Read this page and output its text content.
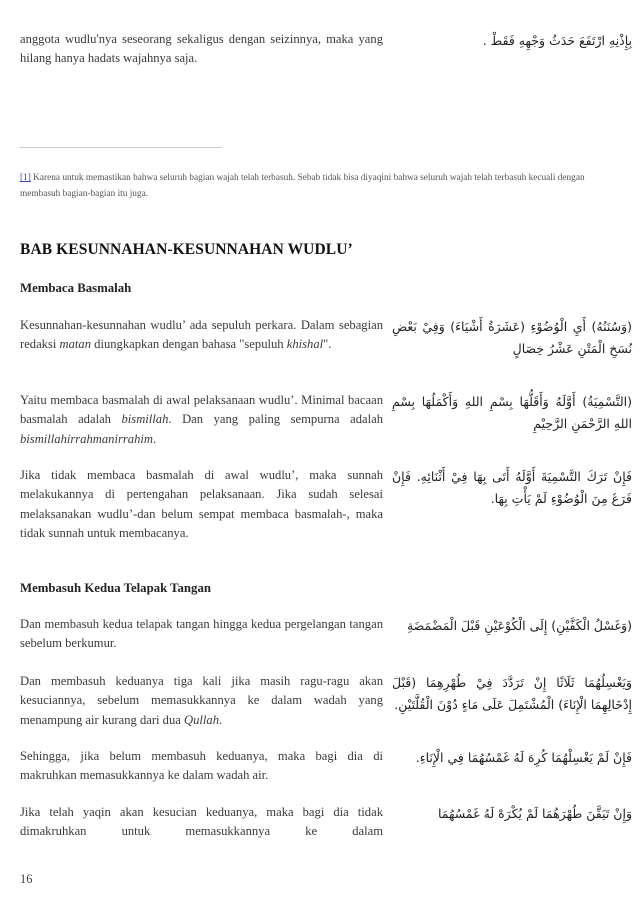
anggota wudlu'nya seseorang sekaligus dengan seizinnya, maka yang hilang hanya hadats wajahnya saja.
بِإِذْنِهِ ارْتَفَعَ حَدَثُ وَجْهِهِ فَقَطْ .
[1] Karena untuk memastikan bahwa seluruh bagian wajah telah terbasuh. Sebab tidak bisa diyaqini bahwa seluruh wajah telah terbasuh kecuali dengan membasuh bagian-bagian itu juga.
BAB KESUNNAHAN-KESUNNAHAN WUDLU’
Membaca Basmalah
Kesunnahan-kesunnahan wudlu’ ada sepuluh perkara. Dalam sebagian redaksi matan diungkapkan dengan bahasa "sepuluh khishal".
(وَسُنَنُهُ) أَيِ الْوُضُوْءِ (عَشَرَةُ أَشْيَاءَ) وَفِيْ بَعْضِ نُسَخِ الْمَتْنِ عَشْرُ خِصَالٍ
Yaitu membaca basmalah di awal pelaksanaan wudlu’. Minimal bacaan basmalah adalah bismillah. Dan yang paling sempurna adalah bismillahirrahmanirrahim.
(التَّسْمِيَةُ) أَوَّلَهُ وَأَقَلُّهَا بِسْمِ اللهِ وَأَكْمَلُهَا بِسْمِ اللهِ الرَّحْمَنِ الرَّحِيْمِ
Jika tidak membaca basmalah di awal wudlu’, maka sunnah melakukannya di pertengahan pelaksanaan. Jika sudah selesai melaksanakan wudlu’-dan belum sempat membaca basmalah-, maka tidak sunnah untuk membacanya.
فَإِنْ تَرَكَ التَّسْمِيَةَ أَوَّلَهُ أَتَى بِهَا فِيْ أَثْنَائِهِ. فَإِنْ فَرَغَ مِنَ الْوُضُوْءِ لَمْ يَأْتِ بِهَا.
Membasuh Kedua Telapak Tangan
Dan membasuh kedua telapak tangan hingga kedua pergelangan tangan sebelum berkumur.
(وَغَسْلُ الْكَفَّيْنِ) إِلَى الْكُوْعَيْنِ قَبْلَ الْمَضْمَضَةِ
Dan membasuh keduanya tiga kali jika masih ragu-ragu akan kesuciannya, sebelum memasukkannya ke dalam wadah yang menampung air kurang dari dua Qullah.
وَيَغْسِلُهُمَا ثَلَاثًا إِنْ تَرَدَّدَ فِيْ طُهْرِهِمَا (قَبْلَ إِدْخَالِهِمَا الْإِنَاءَ) الْمُشْتَمِلَ عَلَى مَاءٍ دُوْنَ الْقُلَّتَيْنِ.
Sehingga, jika belum membasuh keduanya, maka bagi dia di makruhkan memasukkannya ke dalam wadah air.
فَإِنْ لَمْ يَغْسِلْهُمَا كُرِهَ لَهُ غَمْسُهُمَا فِي الْإِنَاءِ.
Jika telah yaqin akan kesucian keduanya, maka bagi dia tidak dimakruhkan untuk memasukkannya ke dalam
وَإِنْ تَيَقَّنَ طُهْرَهُمَا لَمْ يُكْرَهْ لَهُ غَمْسُهُمَا
16
